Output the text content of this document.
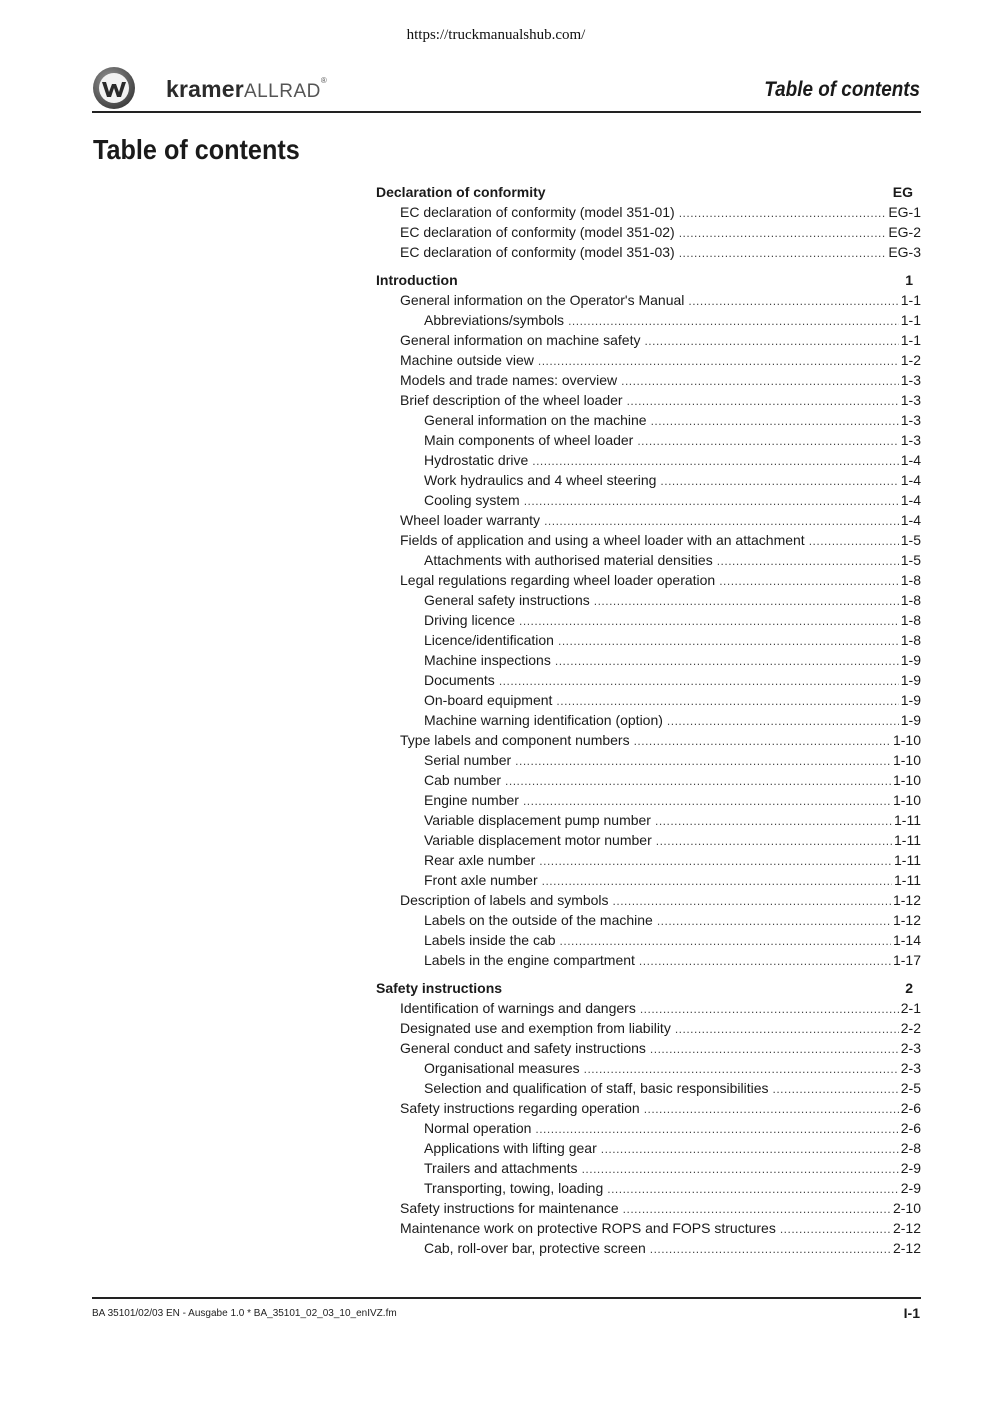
https://truckmanualshub.com/
kramerALLRAD®	Table of contents
Table of contents
Declaration of conformity	EG
EC declaration of conformity (model 351-01) .....	EG-1
EC declaration of conformity (model 351-02) .....	EG-2
EC declaration of conformity (model 351-03) .....	EG-3
Introduction	1
General information on the Operator's Manual .....	1-1
Abbreviations/symbols .....	1-1
General information on machine safety .....	1-1
Machine outside view .....	1-2
Models and trade names: overview .....	1-3
Brief description of the wheel loader .....	1-3
General information on the machine .....	1-3
Main components of wheel loader .....	1-3
Hydrostatic drive .....	1-4
Work hydraulics and 4 wheel steering .....	1-4
Cooling system .....	1-4
Wheel loader warranty .....	1-4
Fields of application and using a wheel loader with an attachment .....	1-5
Attachments with authorised material densities .....	1-5
Legal regulations regarding wheel loader operation .....	1-8
General safety instructions .....	1-8
Driving licence .....	1-8
Licence/identification .....	1-8
Machine inspections .....	1-9
Documents .....	1-9
On-board equipment .....	1-9
Machine warning identification (option) .....	1-9
Type labels and component numbers .....	1-10
Serial number .....	1-10
Cab number .....	1-10
Engine number .....	1-10
Variable displacement pump number .....	1-11
Variable displacement motor number .....	1-11
Rear axle number .....	1-11
Front axle number .....	1-11
Description of labels and symbols .....	1-12
Labels on the outside of the machine .....	1-12
Labels inside the cab .....	1-14
Labels in the engine compartment .....	1-17
Safety instructions	2
Identification of warnings and dangers .....	2-1
Designated use and exemption from liability .....	2-2
General conduct and safety instructions .....	2-3
Organisational measures .....	2-3
Selection and qualification of staff, basic responsibilities .....	2-5
Safety instructions regarding operation .....	2-6
Normal operation .....	2-6
Applications with lifting gear .....	2-8
Trailers and attachments .....	2-9
Transporting, towing, loading .....	2-9
Safety instructions for maintenance .....	2-10
Maintenance work on protective ROPS and FOPS structures .....	2-12
Cab, roll-over bar, protective screen .....	2-12
BA 35101/02/03 EN - Ausgabe 1.0 * BA_35101_02_03_10_enIVZ.fm	I-1
